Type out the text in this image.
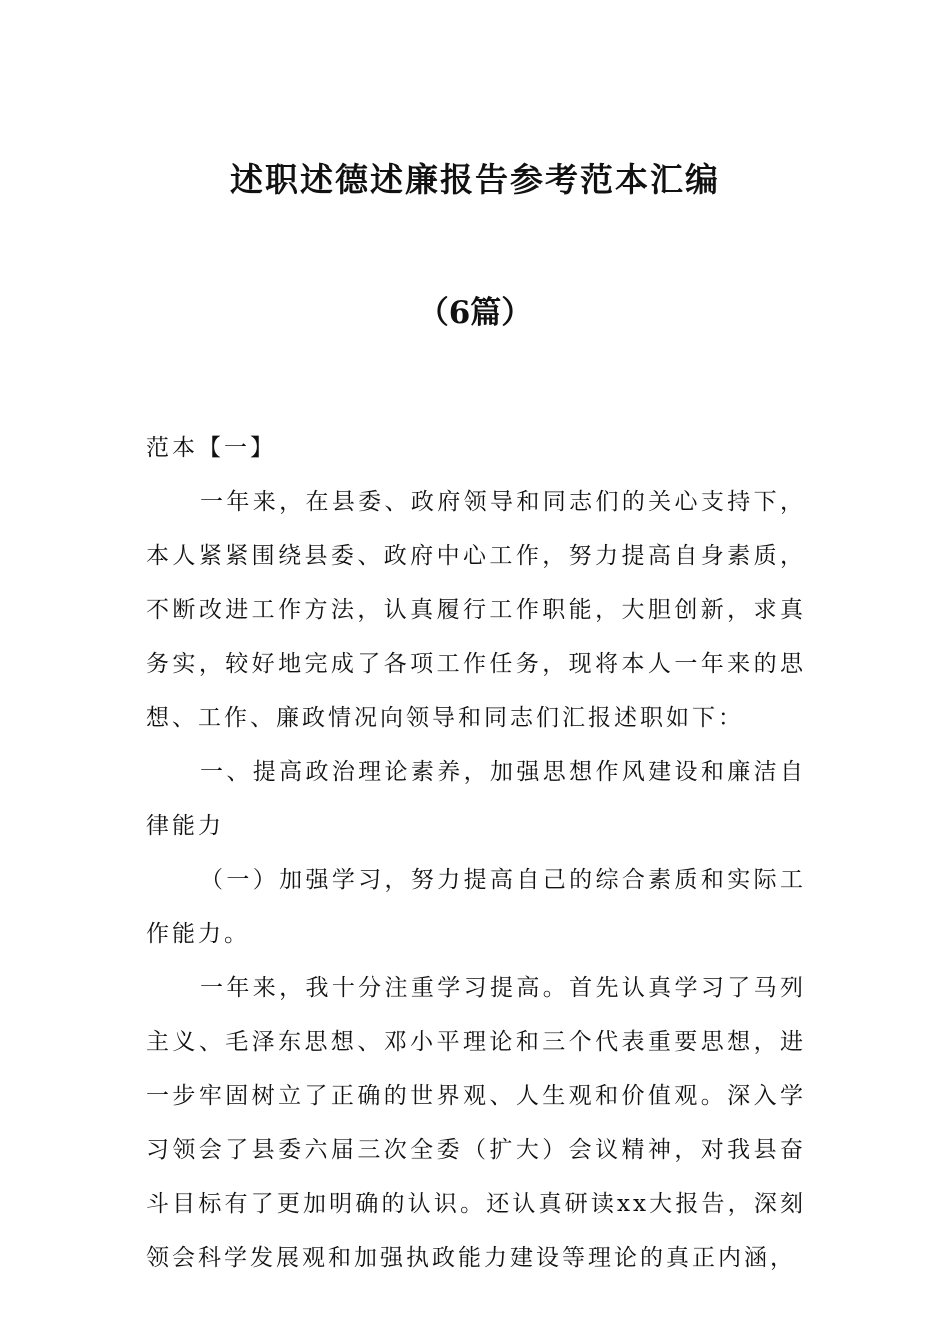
述职述德述廉报告参考范本汇编
（6篇）

范本【一】

一年来，在县委、政府领导和同志们的关心支持下，本人紧紧围绕县委、政府中心工作，努力提高自身素质，不断改进工作方法，认真履行工作职能，大胆创新，求真务实，较好地完成了各项工作任务，现将本人一年来的思想、工作、廉政情况向领导和同志们汇报述职如下：

一、提高政治理论素养，加强思想作风建设和廉洁自律能力

（一）加强学习，努力提高自己的综合素质和实际工作能力。

一年来，我十分注重学习提高。首先认真学习了马列主义、毛泽东思想、邓小平理论和三个代表重要思想，进一步牢固树立了正确的世界观、人生观和价值观。深入学习领会了县委六届三次全委（扩大）会议精神，对我县奋斗目标有了更加明确的认识。还认真研读xx大报告，深刻领会科学发展观和加强执政能力建设等理论的真正内涵，
